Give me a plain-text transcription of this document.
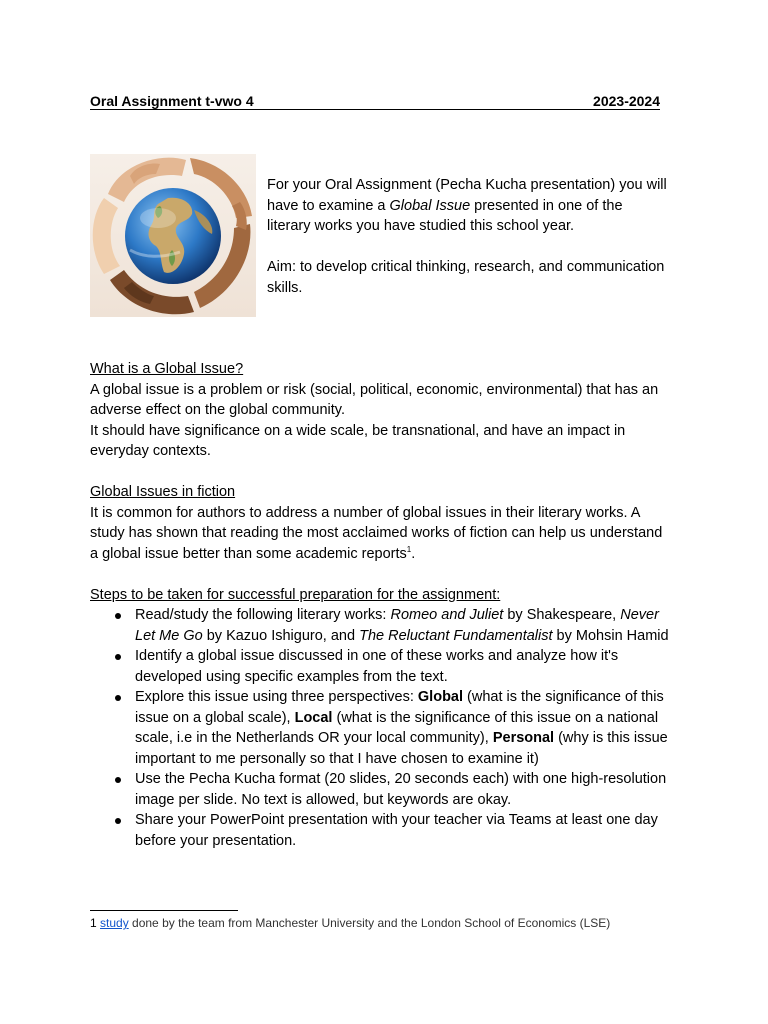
Oral Assignment t-vwo 4	2023-2024

For your Oral Assignment (Pecha Kucha presentation) you will have to examine a Global Issue presented in one of the literary works you have studied this school year.

Aim: to develop critical thinking, research, and communication skills.

What is a Global Issue?

A global issue is a problem or risk (social, political, economic, environmental) that has an adverse effect on the global community.

It should have significance on a wide scale, be transnational, and have an impact in everyday contexts.

Global Issues in fiction

It is common for authors to address a number of global issues in their literary works. A study has shown that reading the most acclaimed works of fiction can help us understand a global issue better than some academic reports$^1$.

Steps to be taken for successful preparation for the assignment:

Read/study the following literary works: Romeo and Juliet by Shakespeare, Never Let Me Go by Kazuo Ishiguro, and The Reluctant Fundamentalist by Mohsin Hamid
Identify a global issue discussed in one of these works and analyze how it's developed using specific examples from the text.
Explore this issue using three perspectives: Global (what is the significance of this issue on a global scale), Local (what is the significance of this issue on a national scale, i.e in the Netherlands OR your local community), Personal (why is this issue important to me personally so that I have chosen to examine it)
Use the Pecha Kucha format (20 slides, 20 seconds each) with one high-resolution image per slide. No text is allowed, but keywords are okay.
Share your PowerPoint presentation with your teacher via Teams at least one day before your presentation.
1 study done by the team from Manchester University and the London School of Economics (LSE)
